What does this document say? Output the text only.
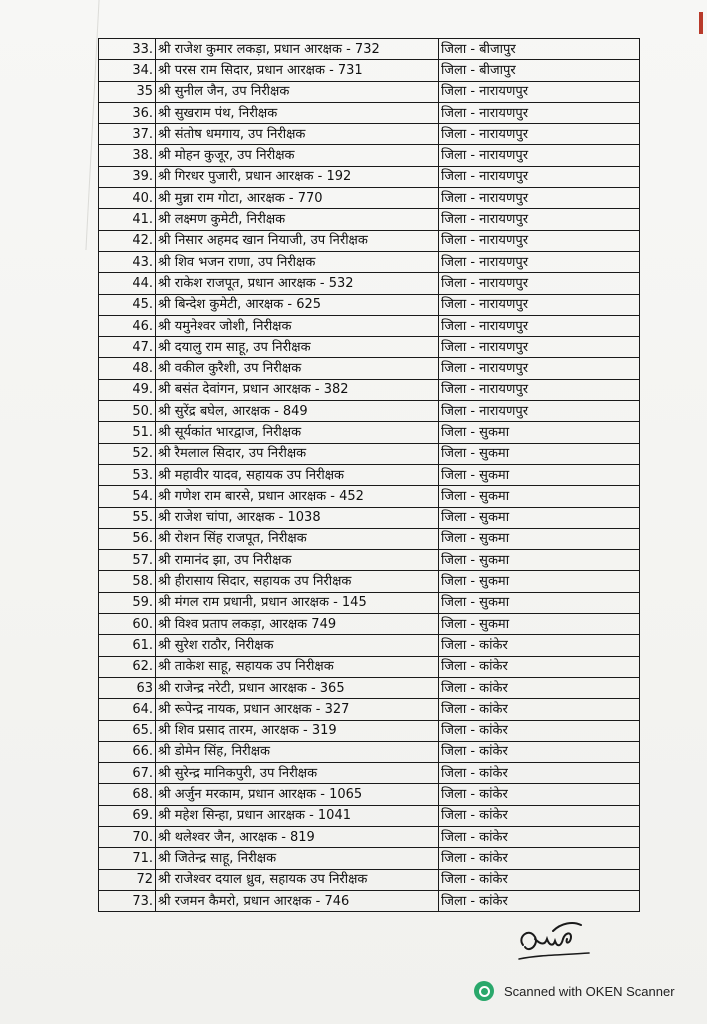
33.	श्री राजेश कुमार लकड़ा, प्रधान आरक्षक - 732	जिला - बीजापुर
34.	श्री परस राम सिदार, प्रधान आरक्षक - 731	जिला - बीजापुर
35	श्री सुनील जैन, उप निरीक्षक	जिला - नारायणपुर
36.	श्री सुखराम पंथ, निरीक्षक	जिला - नारायणपुर
37.	श्री संतोष धमगाय, उप निरीक्षक	जिला - नारायणपुर
38.	श्री मोहन कुजूर, उप निरीक्षक	जिला - नारायणपुर
39.	श्री गिरधर पुजारी, प्रधान आरक्षक - 192	जिला - नारायणपुर
40.	श्री मुन्ना राम गोटा, आरक्षक - 770	जिला - नारायणपुर
41.	श्री लक्ष्मण कुमेटी, निरीक्षक	जिला - नारायणपुर
42.	श्री निसार अहमद खान नियाजी, उप निरीक्षक	जिला - नारायणपुर
43.	श्री शिव भजन राणा, उप निरीक्षक	जिला - नारायणपुर
44.	श्री राकेश राजपूत, प्रधान आरक्षक - 532	जिला - नारायणपुर
45.	श्री बिन्देश कुमेटी, आरक्षक - 625	जिला - नारायणपुर
46.	श्री यमुनेश्वर जोशी, निरीक्षक	जिला - नारायणपुर
47.	श्री दयालु राम साहू, उप निरीक्षक	जिला - नारायणपुर
48.	श्री वकील कुरैशी, उप निरीक्षक	जिला - नारायणपुर
49.	श्री बसंत देवांगन, प्रधान आरक्षक - 382	जिला - नारायणपुर
50.	श्री सुरेंद्र बघेल, आरक्षक - 849	जिला - नारायणपुर
51.	श्री सूर्यकांत भारद्वाज, निरीक्षक	जिला - सुकमा
52.	श्री रैमलाल सिदार, उप निरीक्षक	जिला - सुकमा
53.	श्री महावीर यादव, सहायक उप निरीक्षक	जिला - सुकमा
54.	श्री गणेश राम बारसे, प्रधान आरक्षक - 452	जिला - सुकमा
55.	श्री राजेश चांपा, आरक्षक - 1038	जिला - सुकमा
56.	श्री रोशन सिंह राजपूत, निरीक्षक	जिला - सुकमा
57.	श्री रामानंद झा, उप निरीक्षक	जिला - सुकमा
58.	श्री हीरासाय सिदार, सहायक उप निरीक्षक	जिला - सुकमा
59.	श्री मंगल राम प्रधानी, प्रधान आरक्षक - 145	जिला - सुकमा
60.	श्री विश्व प्रताप लकड़ा, आरक्षक 749	जिला - सुकमा
61.	श्री सुरेश राठौर, निरीक्षक	जिला - कांकेर
62.	श्री ताकेश साहू, सहायक उप निरीक्षक	जिला - कांकेर
63	श्री राजेन्द्र नरेटी, प्रधान आरक्षक - 365	जिला - कांकेर
64.	श्री रूपेन्द्र नायक, प्रधान आरक्षक - 327	जिला - कांकेर
65.	श्री शिव प्रसाद तारम, आरक्षक - 319	जिला - कांकेर
66.	श्री डोमेन सिंह, निरीक्षक	जिला - कांकेर
67.	श्री सुरेन्द्र मानिकपुरी, उप निरीक्षक	जिला - कांकेर
68.	श्री अर्जुन मरकाम, प्रधान आरक्षक - 1065	जिला - कांकेर
69.	श्री महेश सिन्हा, प्रधान आरक्षक - 1041	जिला - कांकेर
70.	श्री थलेश्वर जैन, आरक्षक - 819	जिला - कांकेर
71.	श्री जितेन्द्र साहू, निरीक्षक	जिला - कांकेर
72	श्री राजेश्वर दयाल ध्रुव, सहायक उप निरीक्षक	जिला - कांकेर
73.	श्री रजमन कैमरो, प्रधान आरक्षक - 746	जिला - कांकेर
Scanned with OKEN Scanner
